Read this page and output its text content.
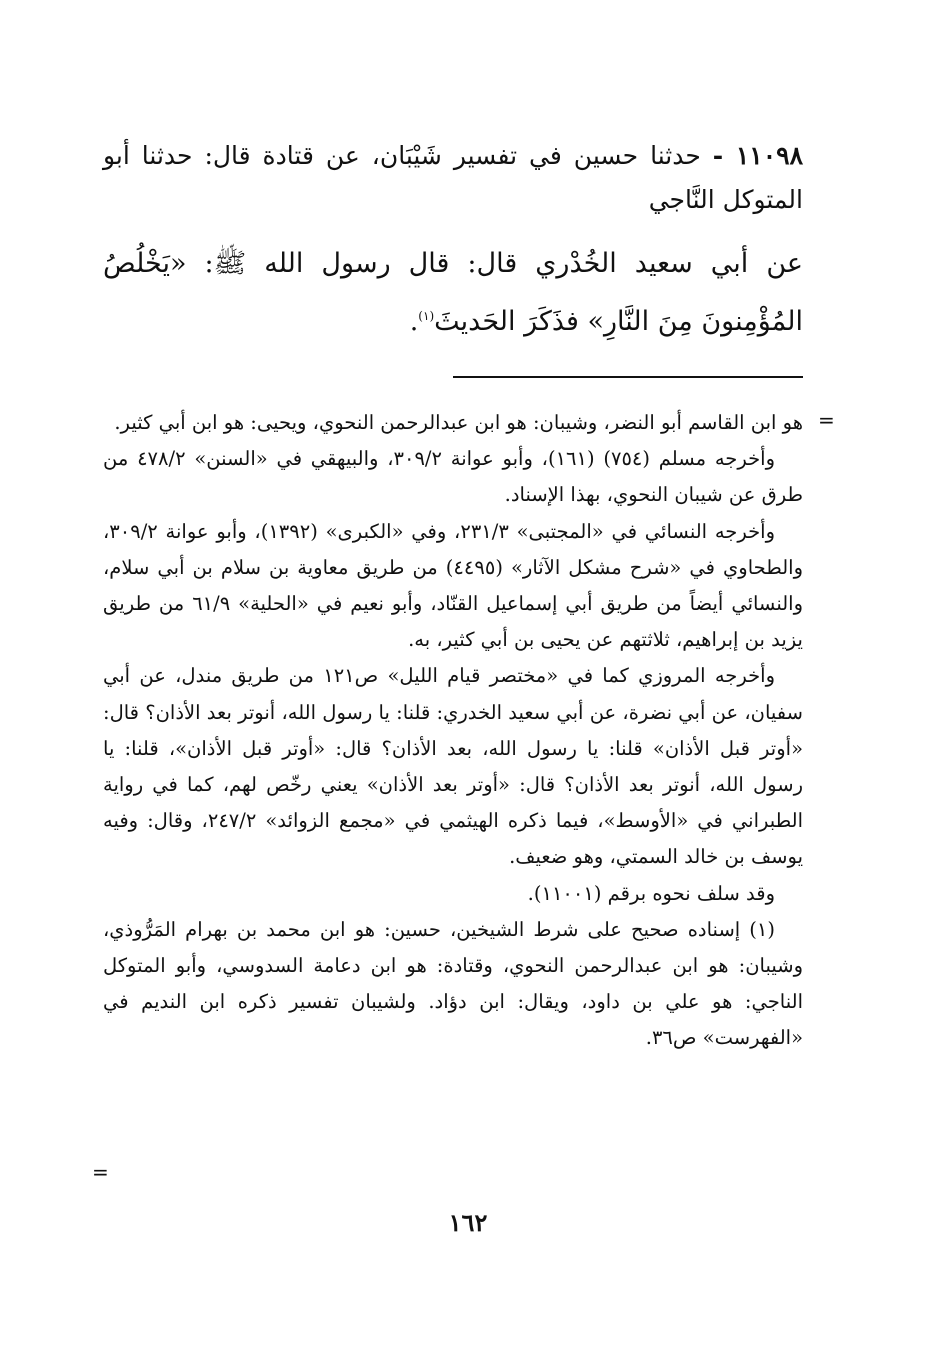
١١٠٩٨ - حدثنا حسين في تفسير شَيْبَان، عن قتادة قال: حدثنا أبو المتوكل النَّاجي
عن أبي سعيد الخُدْري قال: قال رسول الله ﷺ: «يَخْلُصُ المُؤْمِنونَ مِنَ النَّارِ» فذَكَرَ الحَديثَ$^{(١)}$.
=

هو ابن القاسم أبو النضر، وشيبان: هو ابن عبدالرحمن النحوي، ويحيى: هو ابن أبي كثير.

وأخرجه مسلم (٧٥٤) (١٦١)، وأبو عوانة ٣٠٩/٢، والبيهقي في «السنن» ٤٧٨/٢ من طرق عن شيبان النحوي، بهذا الإسناد.

وأخرجه النسائي في «المجتبى» ٢٣١/٣، وفي «الكبرى» (١٣٩٢)، وأبو عوانة ٣٠٩/٢، والطحاوي في «شرح مشكل الآثار» (٤٤٩٥) من طريق معاوية بن سلام بن أبي سلام، والنسائي أيضاً من طريق أبي إسماعيل القنّاد، وأبو نعيم في «الحلية» ٦١/٩ من طريق يزيد بن إبراهيم، ثلاثتهم عن يحيى بن أبي كثير، به.

وأخرجه المروزي كما في «مختصر قيام الليل» ص١٢١ من طريق مندل، عن أبي سفيان، عن أبي نضرة، عن أبي سعيد الخدري: قلنا: يا رسول الله، أنوتر بعد الأذان؟ قال: «أوتر قبل الأذان» قلنا: يا رسول الله، بعد الأذان؟ قال: «أوتر قبل الأذان»، قلنا: يا رسول الله، أنوتر بعد الأذان؟ قال: «أوتر بعد الأذان» يعني رخّص لهم، كما في رواية الطبراني في «الأوسط»، فيما ذكره الهيثمي في «مجمع الزوائد» ٢٤٧/٢، وقال: وفيه يوسف بن خالد السمتي، وهو ضعيف.

وقد سلف نحوه برقم (١١٠٠١).

(١) إسناده صحيح على شرط الشيخين، حسين: هو ابن محمد بن بهرام المَرُّوذي، وشيبان: هو ابن عبدالرحمن النحوي، وقتادة: هو ابن دعامة السدوسي، وأبو المتوكل الناجي: هو علي بن داود، ويقال: ابن دؤاد. ولشيبان تفسير ذكره ابن النديم في «الفهرست» ص٣٦.

=
١٦٢
